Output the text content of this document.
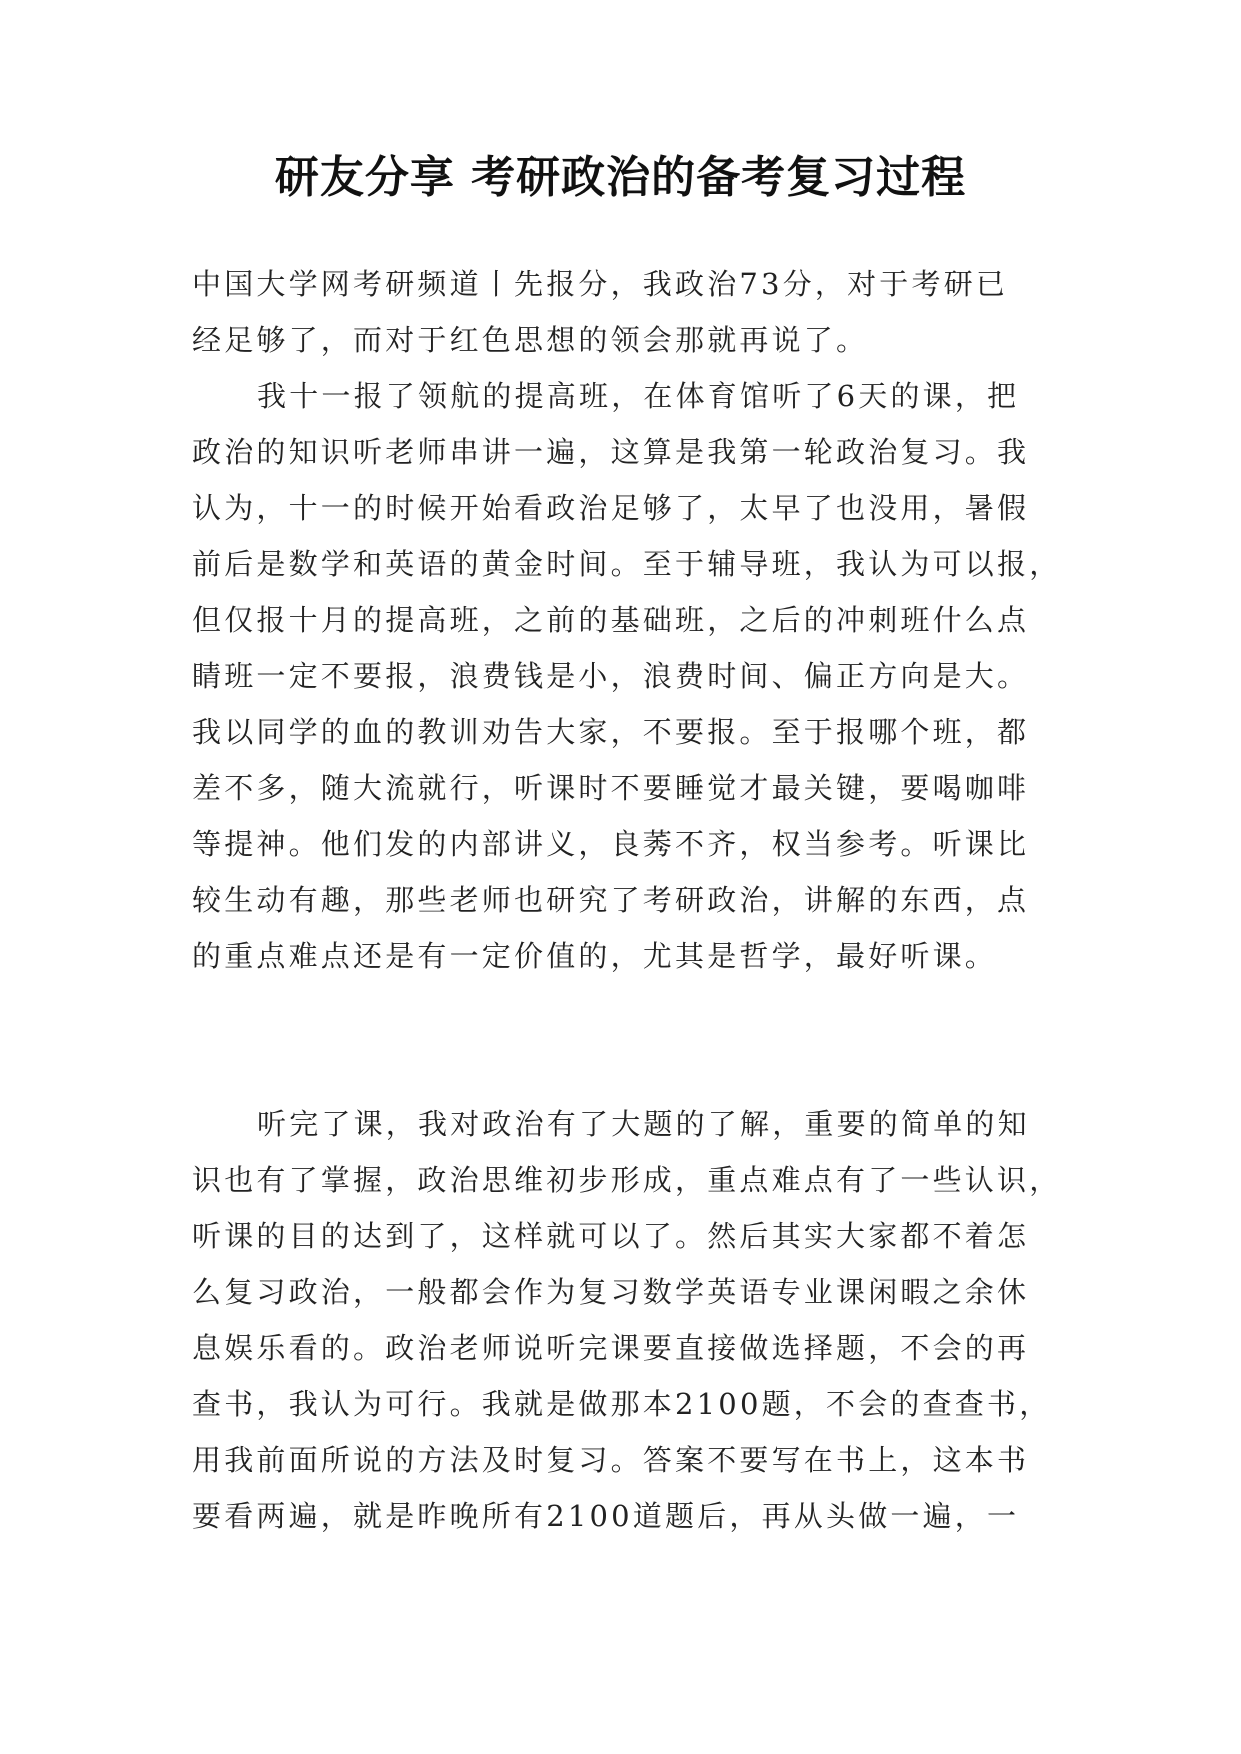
研友分享 考研政治的备考复习过程
中国大学网考研频道丨先报分，我政治73分，对于考研已
经足够了，而对于红色思想的领会那就再说了。
我十一报了领航的提高班，在体育馆听了6天的课，把
政治的知识听老师串讲一遍，这算是我第一轮政治复习。我
认为，十一的时候开始看政治足够了，太早了也没用，暑假
前后是数学和英语的黄金时间。至于辅导班，我认为可以报，
但仅报十月的提高班，之前的基础班，之后的冲刺班什么点
睛班一定不要报，浪费钱是小，浪费时间、偏正方向是大。
我以同学的血的教训劝告大家，不要报。至于报哪个班，都
差不多，随大流就行，听课时不要睡觉才最关键，要喝咖啡
等提神。他们发的内部讲义，良莠不齐，权当参考。听课比
较生动有趣，那些老师也研究了考研政治，讲解的东西，点
的重点难点还是有一定价值的，尤其是哲学，最好听课。
听完了课，我对政治有了大题的了解，重要的简单的知
识也有了掌握，政治思维初步形成，重点难点有了一些认识，
听课的目的达到了，这样就可以了。然后其实大家都不着怎
么复习政治，一般都会作为复习数学英语专业课闲暇之余休
息娱乐看的。政治老师说听完课要直接做选择题，不会的再
查书，我认为可行。我就是做那本2100题，不会的查查书，
用我前面所说的方法及时复习。答案不要写在书上，这本书
要看两遍，就是昨晚所有2100道题后，再从头做一遍，一
